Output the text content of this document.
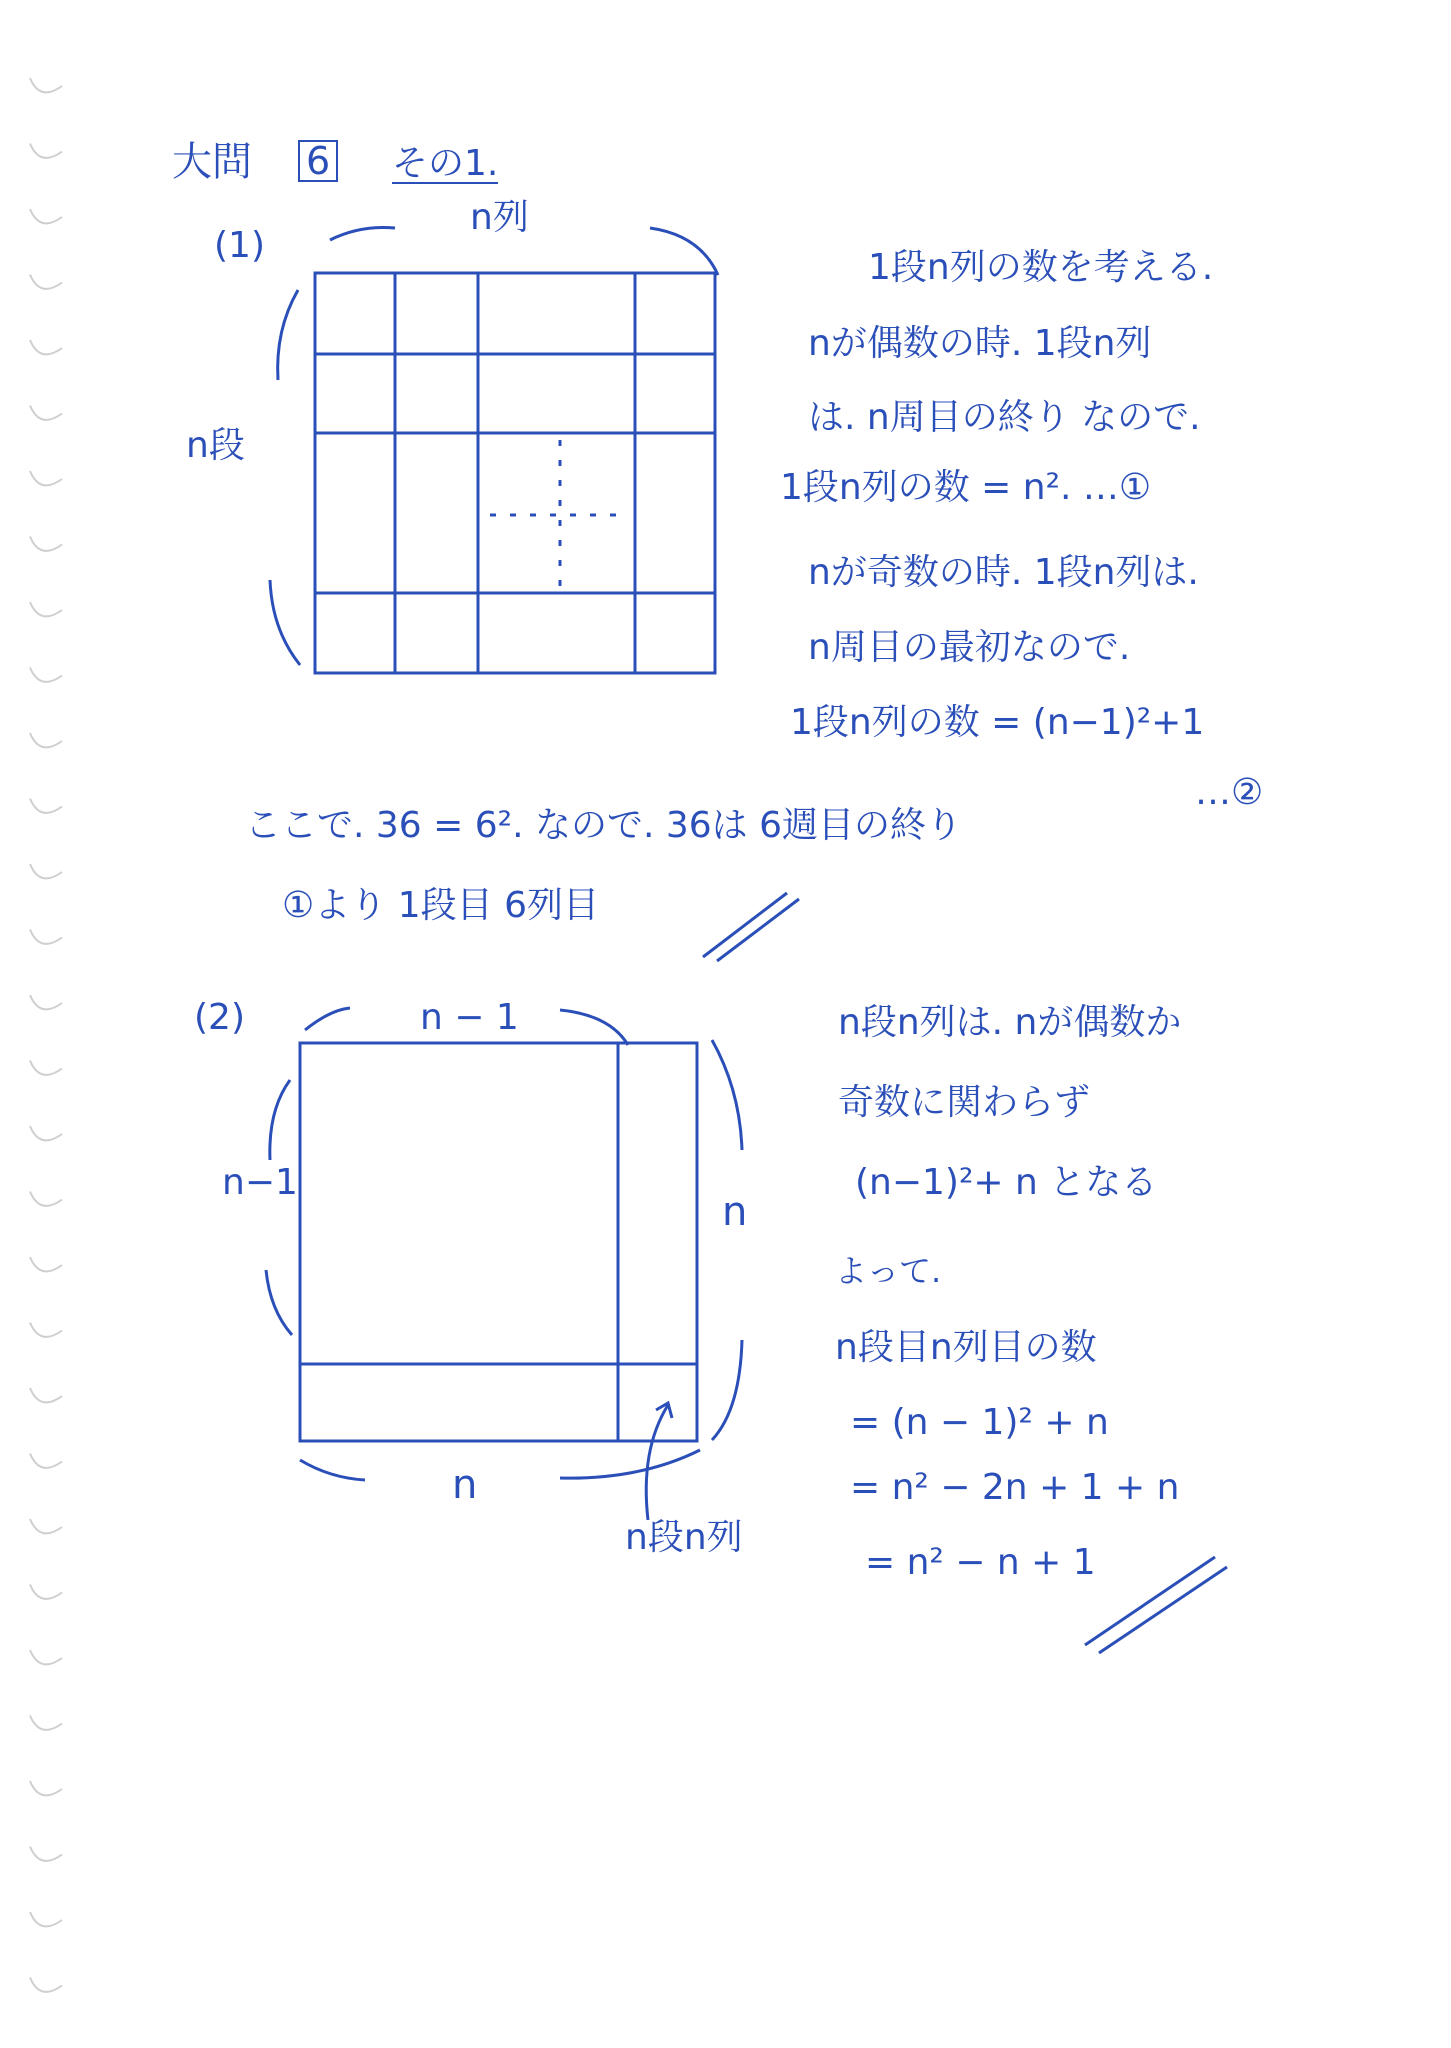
大問 6 その1.
(1)
n列
n段
1段n列の数を考える.
nが偶数の時. 1段n列
は. n周目の終り なので.
1段n列の数 = n². …①
nが奇数の時. 1段n列は.
n周目の最初なので.
1段n列の数 = (n−1)²+1
…②
ここで. 36 = 6². なので. 36は 6週目の終り
①より 1段目 6列目
(2)	n − 1
n−1
n
n
n段n列
n段n列は. nが偶数か
奇数に関わらず
(n−1)²+ n となる
よって.
n段目n列目の数
= (n − 1)² + n
= n² − 2n + 1 + n
= n² − n + 1
